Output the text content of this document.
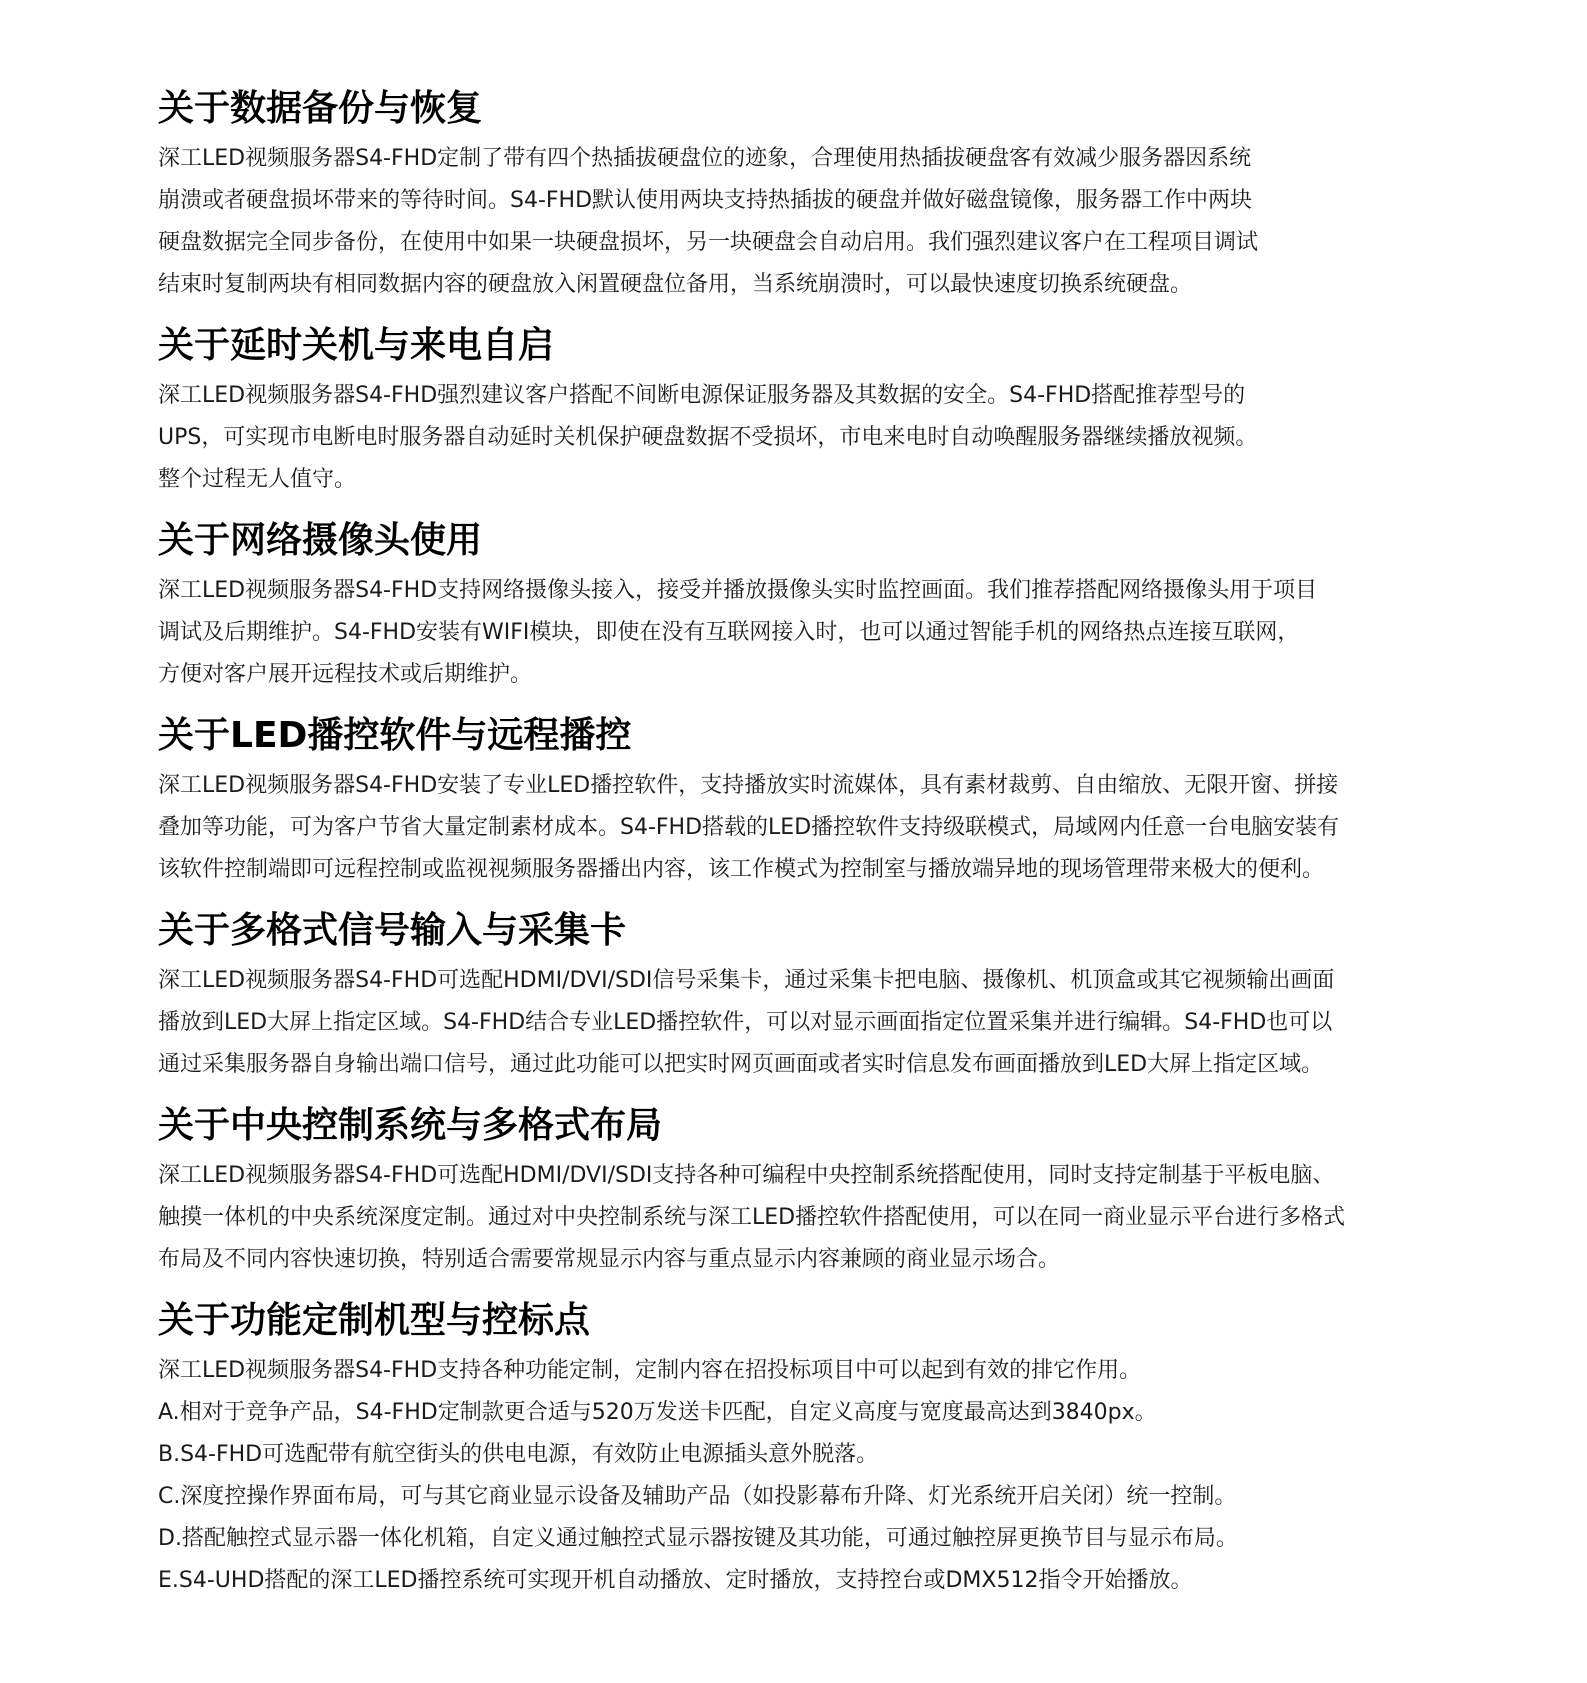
关于数据备份与恢复

深工LED视频服务器S4-FHD定制了带有四个热插拔硬盘位的迹象，合理使用热插拔硬盘客有效减少服务器因系统

崩溃或者硬盘损坏带来的等待时间。S4-FHD默认使用两块支持热插拔的硬盘并做好磁盘镜像，服务器工作中两块

硬盘数据完全同步备份，在使用中如果一块硬盘损坏，另一块硬盘会自动启用。我们强烈建议客户在工程项目调试

结束时复制两块有相同数据内容的硬盘放入闲置硬盘位备用，当系统崩溃时，可以最快速度切换系统硬盘。

关于延时关机与来电自启

深工LED视频服务器S4-FHD强烈建议客户搭配不间断电源保证服务器及其数据的安全。S4-FHD搭配推荐型号的

UPS，可实现市电断电时服务器自动延时关机保护硬盘数据不受损坏，市电来电时自动唤醒服务器继续播放视频。

整个过程无人值守。

关于网络摄像头使用

深工LED视频服务器S4-FHD支持网络摄像头接入，接受并播放摄像头实时监控画面。我们推荐搭配网络摄像头用于项目

调试及后期维护。S4-FHD安装有WIFI模块，即使在没有互联网接入时，也可以通过智能手机的网络热点连接互联网，

方便对客户展开远程技术或后期维护。

关于LED播控软件与远程播控

深工LED视频服务器S4-FHD安装了专业LED播控软件，支持播放实时流媒体，具有素材裁剪、自由缩放、无限开窗、拼接

叠加等功能，可为客户节省大量定制素材成本。S4-FHD搭载的LED播控软件支持级联模式，局域网内任意一台电脑安装有

该软件控制端即可远程控制或监视视频服务器播出内容，该工作模式为控制室与播放端异地的现场管理带来极大的便利。

关于多格式信号输入与采集卡

深工LED视频服务器S4-FHD可选配HDMI/DVI/SDI信号采集卡，通过采集卡把电脑、摄像机、机顶盒或其它视频输出画面

播放到LED大屏上指定区域。S4-FHD结合专业LED播控软件，可以对显示画面指定位置采集并进行编辑。S4-FHD也可以

通过采集服务器自身输出端口信号，通过此功能可以把实时网页画面或者实时信息发布画面播放到LED大屏上指定区域。

关于中央控制系统与多格式布局

深工LED视频服务器S4-FHD可选配HDMI/DVI/SDI支持各种可编程中央控制系统搭配使用，同时支持定制基于平板电脑、

触摸一体机的中央系统深度定制。通过对中央控制系统与深工LED播控软件搭配使用，可以在同一商业显示平台进行多格式

布局及不同内容快速切换，特别适合需要常规显示内容与重点显示内容兼顾的商业显示场合。

关于功能定制机型与控标点

深工LED视频服务器S4-FHD支持各种功能定制，定制内容在招投标项目中可以起到有效的排它作用。

A.相对于竞争产品，S4-FHD定制款更合适与520万发送卡匹配，自定义高度与宽度最高达到3840px。

B.S4-FHD可选配带有航空街头的供电电源，有效防止电源插头意外脱落。

C.深度控操作界面布局，可与其它商业显示设备及辅助产品（如投影幕布升降、灯光系统开启关闭）统一控制。

D.搭配触控式显示器一体化机箱，自定义通过触控式显示器按键及其功能，可通过触控屏更换节目与显示布局。

E.S4-UHD搭配的深工LED播控系统可实现开机自动播放、定时播放，支持控台或DMX512指令开始播放。
